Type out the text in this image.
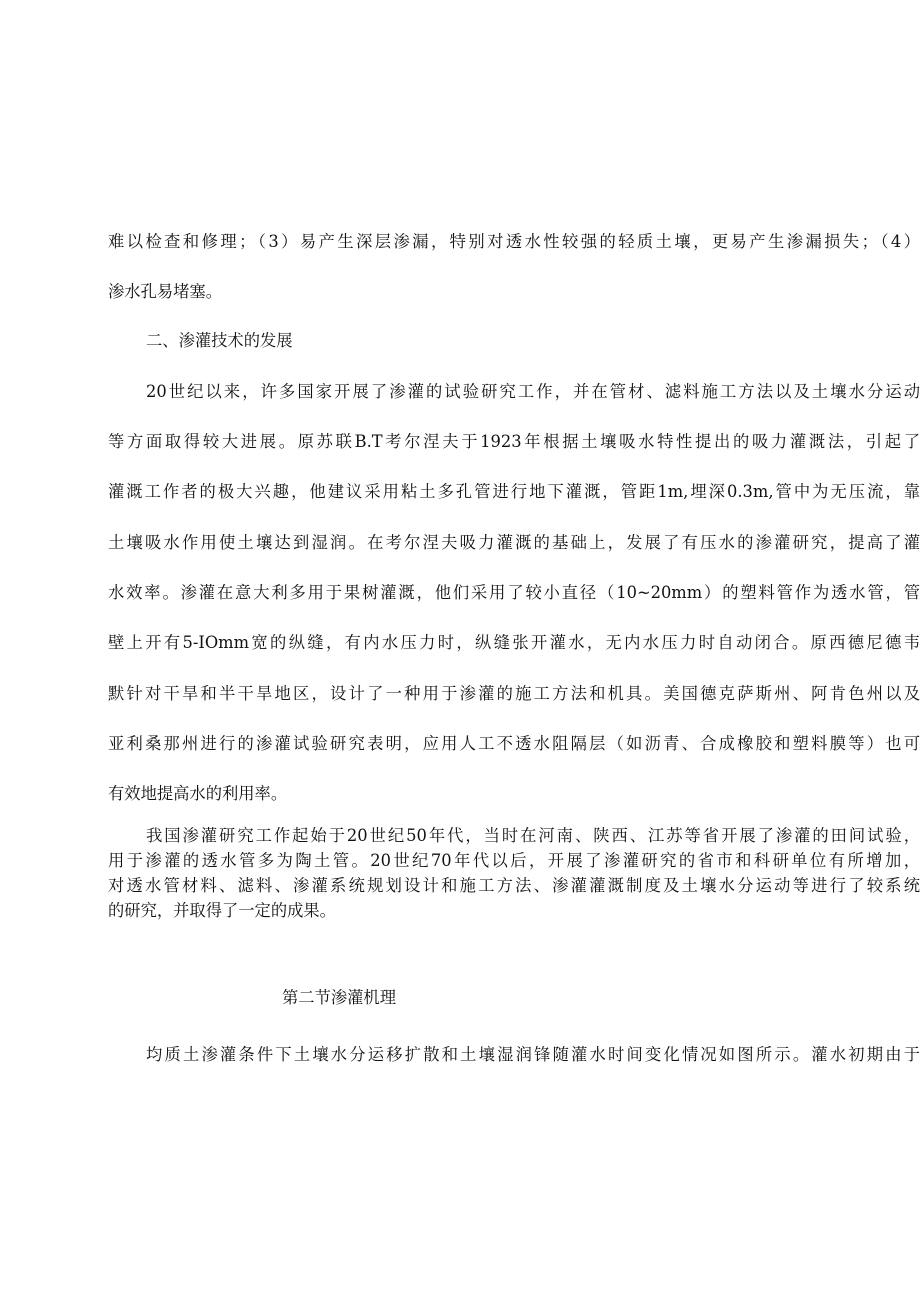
难以检查和修理；（3）易产生深层渗漏，特别对透水性较强的轻质土壤，更易产生渗漏损失；（4）
渗水孔易堵塞。
二、渗灌技术的发展
20世纪以来，许多国家开展了渗灌的试验研究工作，并在管材、滤料施工方法以及土壤水分运动
等方面取得较大进展。原苏联B.T考尔涅夫于1923年根据土壤吸水特性提出的吸力灌溉法，引起了
灌溉工作者的极大兴趣，他建议采用粘土多孔管进行地下灌溉，管距1m,埋深0.3m,管中为无压流，靠
土壤吸水作用使土壤达到湿润。在考尔涅夫吸力灌溉的基础上，发展了有压水的渗灌研究，提高了灌
水效率。渗灌在意大利多用于果树灌溉，他们采用了较小直径（10~20mm）的塑料管作为透水管，管
壁上开有5-IOmm宽的纵缝，有内水压力时，纵缝张开灌水，无内水压力时自动闭合。原西德尼德韦
默针对干旱和半干旱地区，设计了一种用于渗灌的施工方法和机具。美国德克萨斯州、阿肯色州以及
亚利桑那州进行的渗灌试验研究表明，应用人工不透水阻隔层（如沥青、合成橡胶和塑料膜等）也可
有效地提高水的利用率。
我国渗灌研究工作起始于20世纪50年代，当时在河南、陕西、江苏等省开展了渗灌的田间试验，
用于渗灌的透水管多为陶土管。20世纪70年代以后，开展了渗灌研究的省市和科研单位有所增加，
对透水管材料、滤料、渗灌系统规划设计和施工方法、渗灌灌溉制度及土壤水分运动等进行了较系统
的研究，并取得了一定的成果。
第二节渗灌机理
均质土渗灌条件下土壤水分运移扩散和土壤湿润锋随灌水时间变化情况如图所示。灌水初期由于
